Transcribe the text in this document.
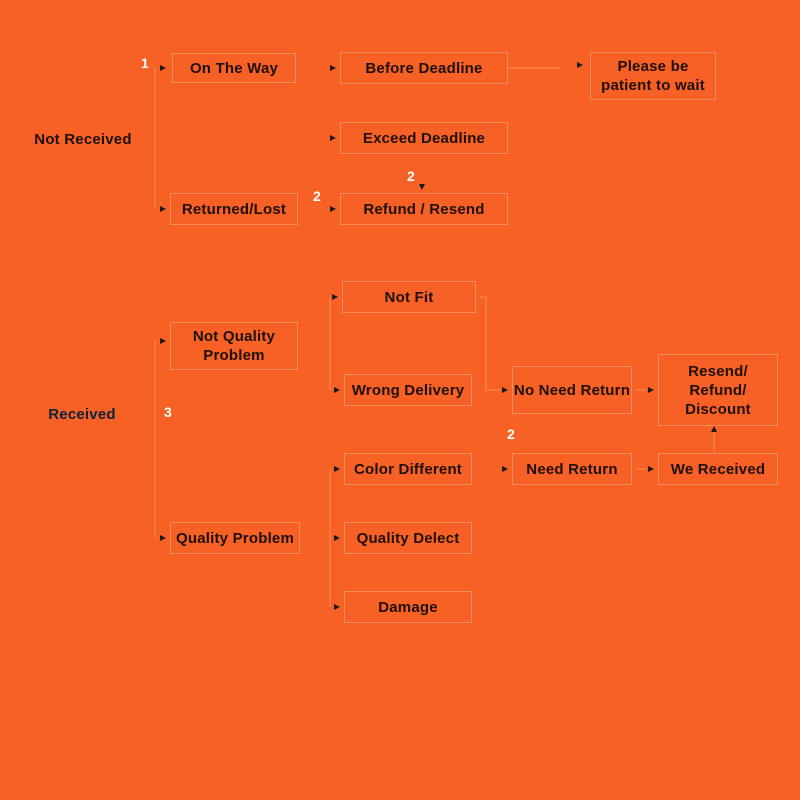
Not Received
Received
On The Way
Returned/Lost
Before Deadline
Exceed Deadline
Refund / Resend
Please be patient to wait
Not Quality Problem
Quality Problem
Not Fit
Wrong Delivery
Color Different
Quality Delect
Damage
No Need Return
Need Return
Resend/ Refund/ Discount
We Received
1
2
2
3
2
